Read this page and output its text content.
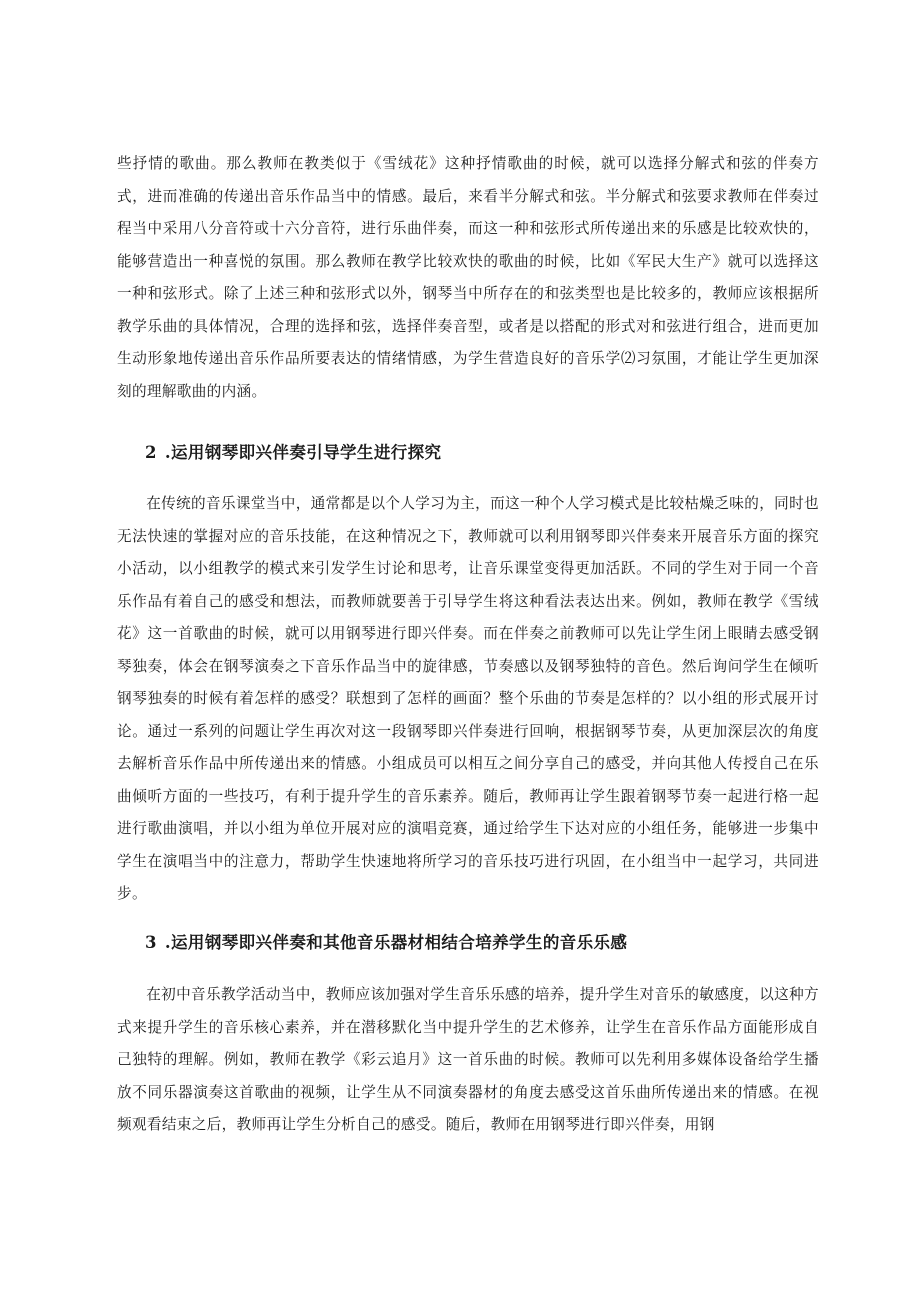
些抒情的歌曲。那么教师在教类似于《雪绒花》这种抒情歌曲的时候，就可以选择分解式和弦的伴奏方式，进而准确的传递出音乐作品当中的情感。最后，来看半分解式和弦。半分解式和弦要求教师在伴奏过程当中采用八分音符或十六分音符，进行乐曲伴奏，而这一种和弦形式所传递出来的乐感是比较欢快的，能够营造出一种喜悦的氛围。那么教师在教学比较欢快的歌曲的时候，比如《军民大生产》就可以选择这一种和弦形式。除了上述三种和弦形式以外，钢琴当中所存在的和弦类型也是比较多的，教师应该根据所教学乐曲的具体情况，合理的选择和弦，选择伴奏音型，或者是以搭配的形式对和弦进行组合，进而更加生动形象地传递出音乐作品所要表达的情绪情感，为学生营造良好的音乐学⑵习氛围，才能让学生更加深刻的理解歌曲的内涵。

2 .运用钢琴即兴伴奏引导学生进行探究

在传统的音乐课堂当中，通常都是以个人学习为主，而这一种个人学习模式是比较枯燥乏味的，同时也无法快速的掌握对应的音乐技能，在这种情况之下，教师就可以利用钢琴即兴伴奏来开展音乐方面的探究小活动，以小组教学的模式来引发学生讨论和思考，让音乐课堂变得更加活跃。不同的学生对于同一个音乐作品有着自己的感受和想法，而教师就要善于引导学生将这种看法表达出来。例如，教师在教学《雪绒花》这一首歌曲的时候，就可以用钢琴进行即兴伴奏。而在伴奏之前教师可以先让学生闭上眼睛去感受钢琴独奏，体会在钢琴演奏之下音乐作品当中的旋律感，节奏感以及钢琴独特的音色。然后询问学生在倾听钢琴独奏的时候有着怎样的感受？联想到了怎样的画面？整个乐曲的节奏是怎样的？以小组的形式展开讨论。通过一系列的问题让学生再次对这一段钢琴即兴伴奏进行回响，根据钢琴节奏，从更加深层次的角度去解析音乐作品中所传递出来的情感。小组成员可以相互之间分享自己的感受，并向其他人传授自己在乐曲倾听方面的一些技巧，有利于提升学生的音乐素养。随后，教师再让学生跟着钢琴节奏一起进行格一起进行歌曲演唱，并以小组为单位开展对应的演唱竞赛，通过给学生下达对应的小组任务，能够进一步集中学生在演唱当中的注意力，帮助学生快速地将所学习的音乐技巧进行巩固，在小组当中一起学习，共同进步。

3 .运用钢琴即兴伴奏和其他音乐器材相结合培养学生的音乐乐感

在初中音乐教学活动当中，教师应该加强对学生音乐乐感的培养，提升学生对音乐的敏感度，以这种方式来提升学生的音乐核心素养，并在潜移默化当中提升学生的艺术修养，让学生在音乐作品方面能形成自己独特的理解。例如，教师在教学《彩云追月》这一首乐曲的时候。教师可以先利用多媒体设备给学生播放不同乐器演奏这首歌曲的视频，让学生从不同演奏器材的角度去感受这首乐曲所传递出来的情感。在视频观看结束之后，教师再让学生分析自己的感受。随后，教师在用钢琴进行即兴伴奏，用钢
